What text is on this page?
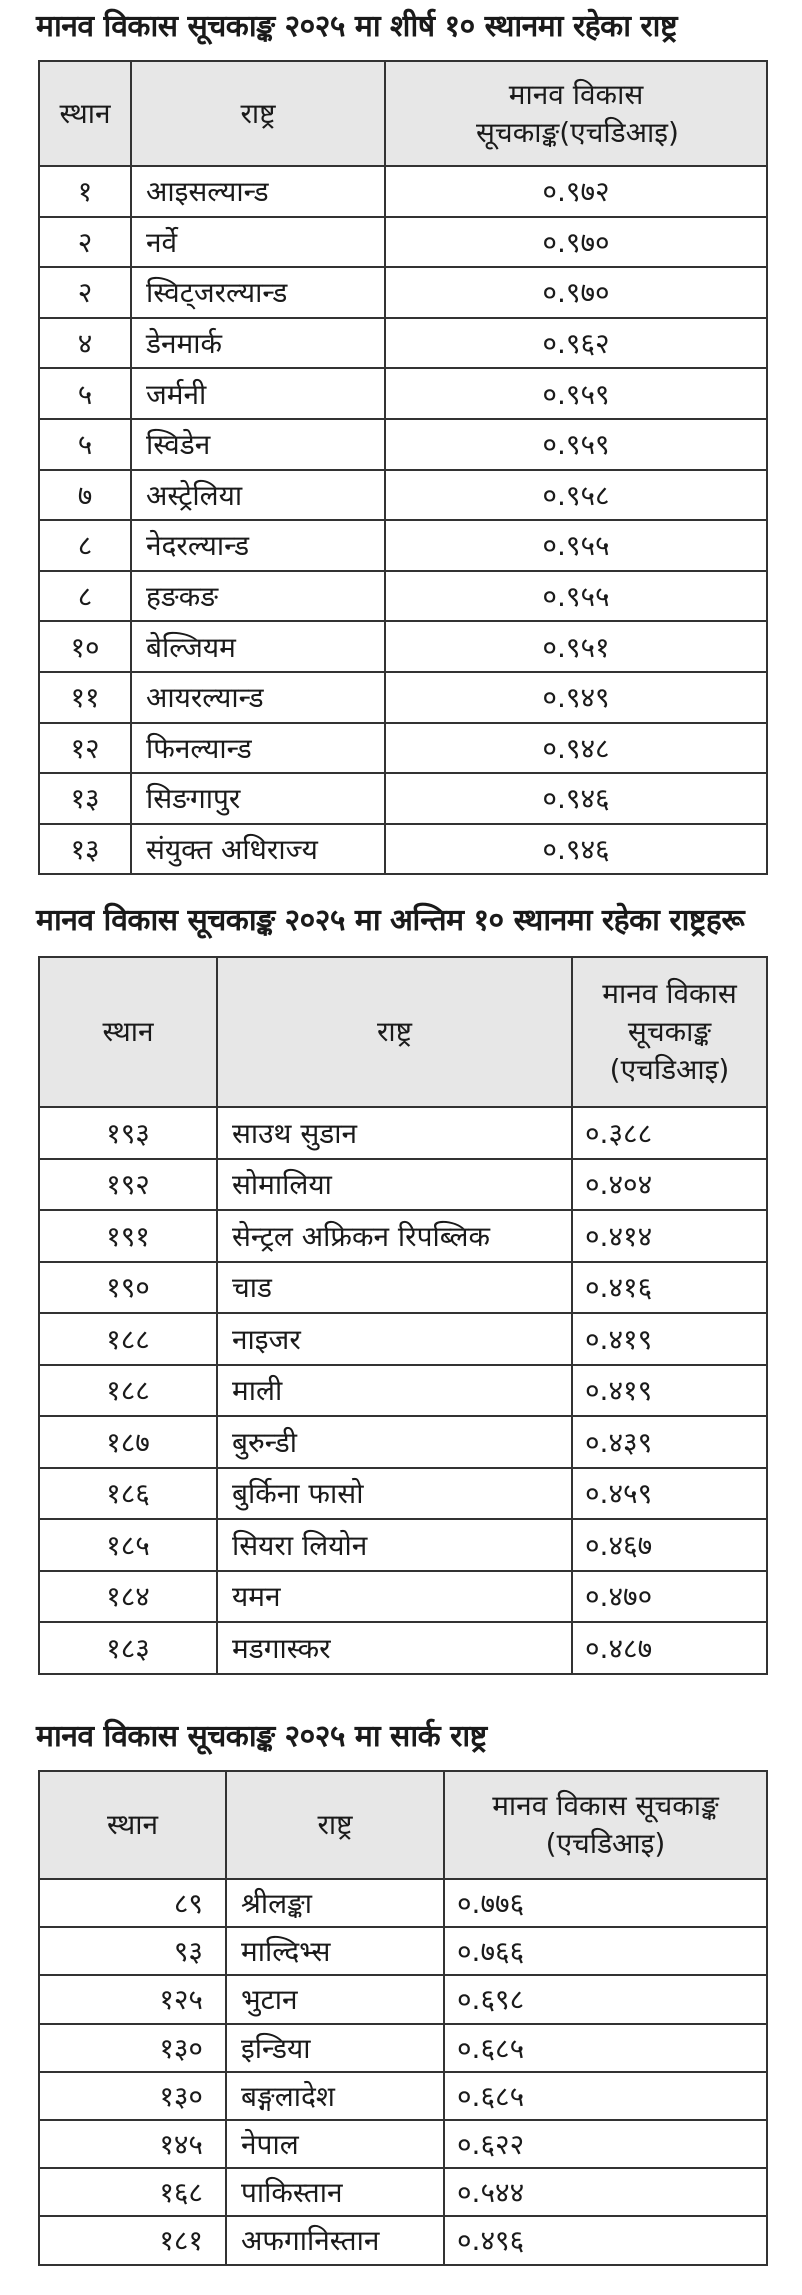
मानव विकास सूचकाङ्क २०२५ मा शीर्ष १० स्थानमा रहेका राष्ट्र
स्थान	राष्ट्र	मानव विकास सूचकाङ्क(एचडिआइ)

१	आइसल्यान्ड	०.९७२
२	नर्वे	०.९७०
२	स्विट्जरल्यान्ड	०.९७०
४	डेनमार्क	०.९६२
५	जर्मनी	०.९५९
५	स्विडेन	०.९५९
७	अस्ट्रेलिया	०.९५८
८	नेदरल्यान्ड	०.९५५
८	हङकङ	०.९५५
१०	बेल्जियम	०.९५१
११	आयरल्यान्ड	०.९४९
१२	फिनल्यान्ड	०.९४८
१३	सिङगापुर	०.९४६
१३	संयुक्त अधिराज्य	०.९४६
मानव विकास सूचकाङ्क २०२५ मा अन्तिम १० स्थानमा रहेका राष्ट्रहरू
स्थान	राष्ट्र	मानव विकास सूचकाङ्क (एचडिआइ)

१९३	साउथ सुडान	०.३८८
१९२	सोमालिया	०.४०४
१९१	सेन्ट्रल अफ्रिकन रिपब्लिक	०.४१४
१९०	चाड	०.४१६
१८८	नाइजर	०.४१९
१८८	माली	०.४१९
१८७	बुरुन्डी	०.४३९
१८६	बुर्किना फासो	०.४५९
१८५	सियरा लियोन	०.४६७
१८४	यमन	०.४७०
१८३	मडगास्कर	०.४८७
मानव विकास सूचकाङ्क २०२५ मा सार्क राष्ट्र
स्थान	राष्ट्र	मानव विकास सूचकाङ्क (एचडिआइ)

८९	श्रीलङ्का	०.७७६
९३	माल्दिभ्स	०.७६६
१२५	भुटान	०.६९८
१३०	इन्डिया	०.६८५
१३०	बङ्गलादेश	०.६८५
१४५	नेपाल	०.६२२
१६८	पाकिस्तान	०.५४४
१८१	अफगानिस्तान	०.४९६
